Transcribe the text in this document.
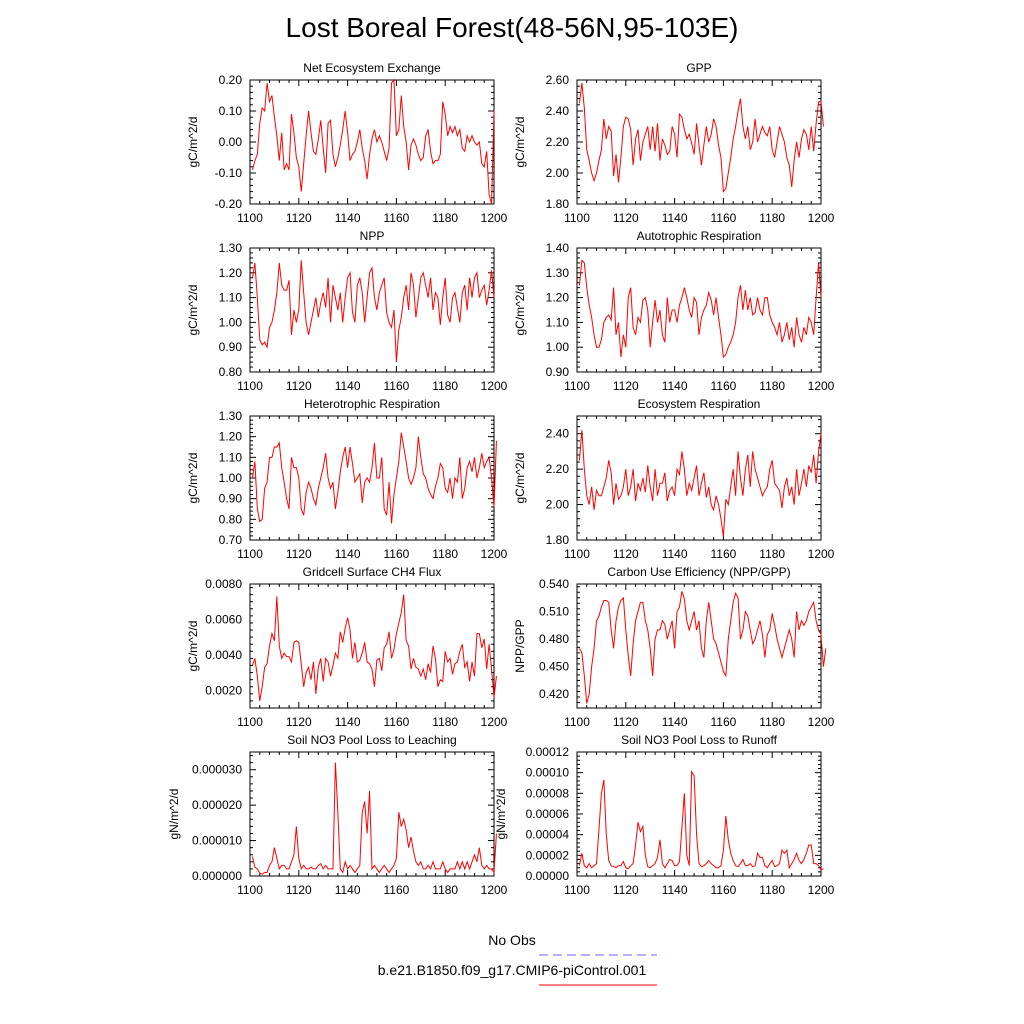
Lost Boreal Forest(48-56N,95-103E)
Net Ecosystem Exchange
1100 1120 1140 1160 1180 1200
-0.20
-0.10
0.00
0.10
0.20
gC/m^2/d
GPP
1100 1120 1140 1160 1180 1200
1.80
2.00
2.20
2.40
2.60
gC/m^2/d
NPP
1100 1120 1140 1160 1180 1200
0.80
0.90
1.00
1.10
1.20
1.30
gC/m^2/d
Autotrophic Respiration
1100 1120 1140 1160 1180 1200
0.90
1.00
1.10
1.20
1.30
1.40
gC/m^2/d
Heterotrophic Respiration
1100 1120 1140 1160 1180 1200
0.70
0.80
0.90
1.00
1.10
1.20
1.30
gC/m^2/d
Ecosystem Respiration
1100 1120 1140 1160 1180 1200
1.80
2.00
2.20
2.40
gC/m^2/d
Gridcell Surface CH4 Flux
1100 1120 1140 1160 1180 1200
0.0020
0.0040
0.0060
0.0080
gC/m^2/d
Carbon Use Efficiency (NPP/GPP)
1100 1120 1140 1160 1180 1200
0.420
0.450
0.480
0.510
0.540
NPP/GPP
Soil NO3 Pool Loss to Leaching
1100 1120 1140 1160 1180 1200
0.000000
0.000010
0.000020
0.000030
gN/m^2/d
Soil NO3 Pool Loss to Runoff
1100 1120 1140 1160 1180 1200
0.00000
0.00002
0.00004
0.00006
0.00008
0.00010
0.00012
gN/m^2/d
No Obs
b.e21.B1850.f09_g17.CMIP6-piControl.001
